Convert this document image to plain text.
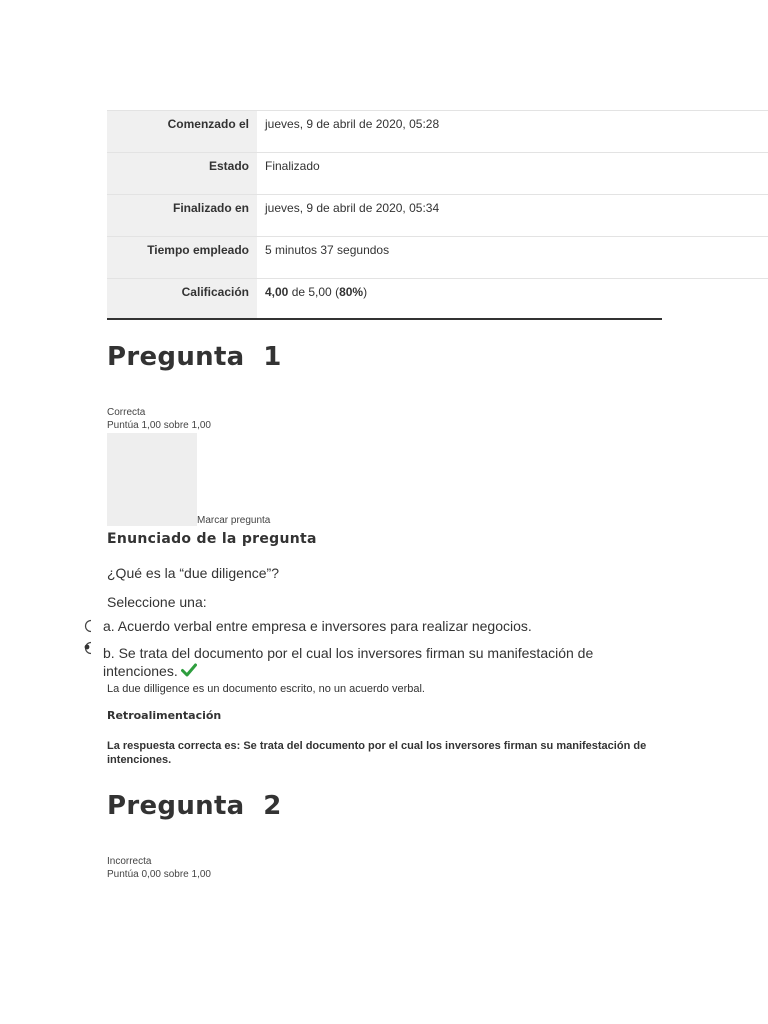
Comenzado el	jueves, 9 de abril de 2020, 05:28
Estado	Finalizado
Finalizado en	jueves, 9 de abril de 2020, 05:34
Tiempo empleado	5 minutos 37 segundos
Calificación	4,00 de 5,00 (80%)
Pregunta  1
Correcta
Puntúa 1,00 sobre 1,00
Marcar pregunta
Enunciado de la pregunta
¿Qué es la “due diligence”?
Seleccione una:
a. Acuerdo verbal entre empresa e inversores para realizar negocios.
b. Se trata del documento por el cual los inversores firman su manifestación de intenciones.
La due dilligence es un documento escrito, no un acuerdo verbal.
Retroalimentación
La respuesta correcta es: Se trata del documento por el cual los inversores firman su manifestación de intenciones.
Pregunta  2
Incorrecta
Puntúa 0,00 sobre 1,00
